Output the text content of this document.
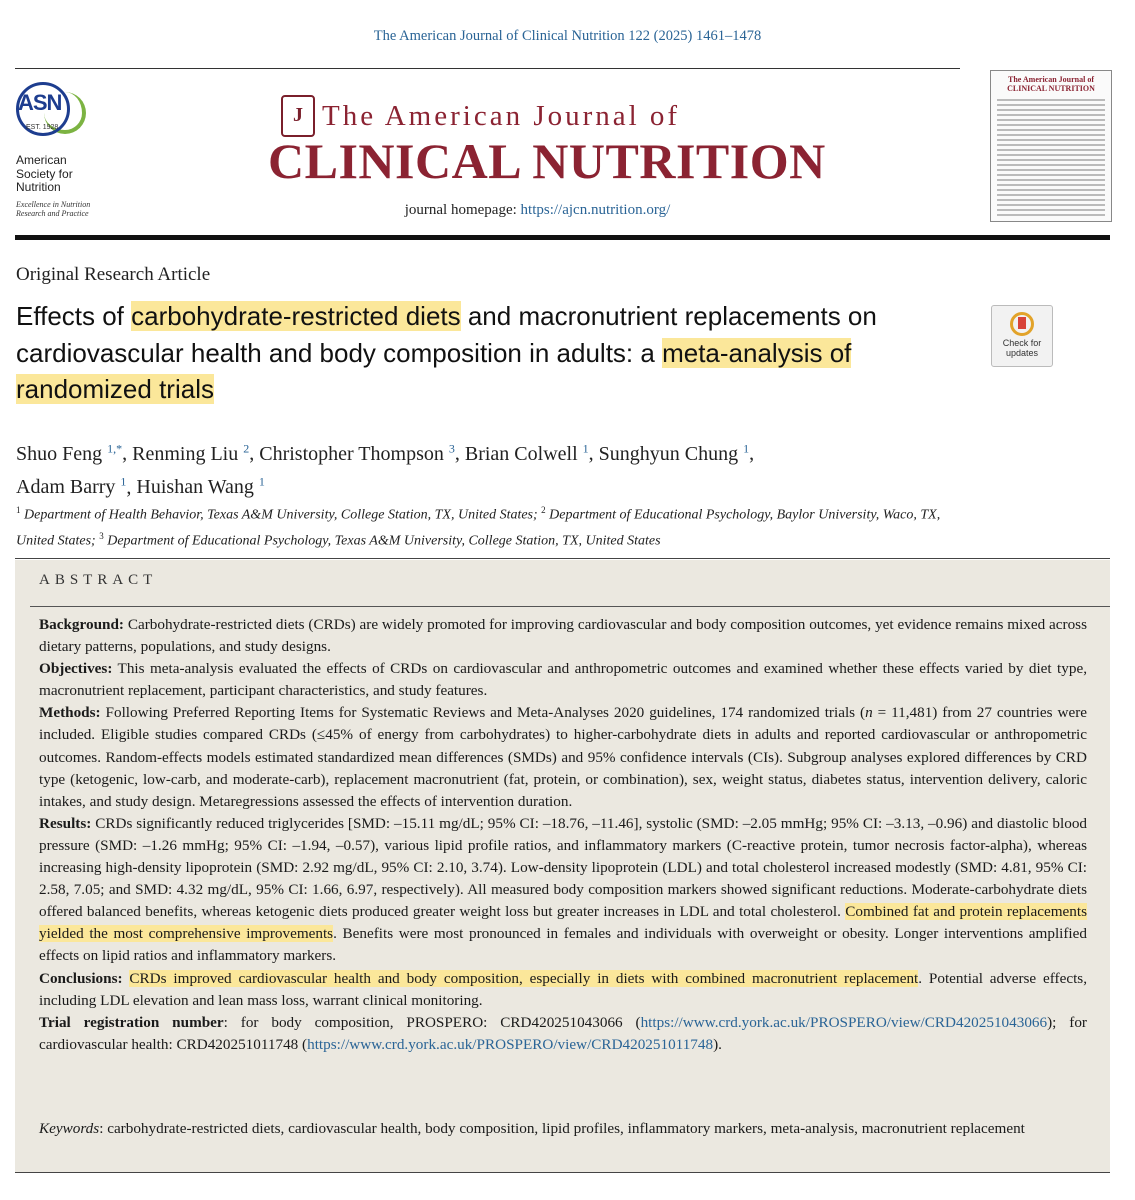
The American Journal of Clinical Nutrition 122 (2025) 1461–1478
ASN
EST. 1928
American Society for Nutrition
Excellence in Nutrition Research and Practice
J The American Journal of
CLINICAL NUTRITION
journal homepage: https://ajcn.nutrition.org/
The American Journal of CLINICAL NUTRITION
Original Research Article
Effects of carbohydrate-restricted diets and macronutrient replacements on cardiovascular health and body composition in adults: a meta-analysis of randomized trials
Check for updates
Shuo Feng $^{1,*}$, Renming Liu $^2$, Christopher Thompson $^3$, Brian Colwell $^1$, Sunghyun Chung $^1$,
Adam Barry $^1$, Huishan Wang $^1$
$^1$ Department of Health Behavior, Texas A&M University, College Station, TX, United States; $^2$ Department of Educational Psychology, Baylor University, Waco, TX, United States; $^3$ Department of Educational Psychology, Texas A&M University, College Station, TX, United States
ABSTRACT

Background: Carbohydrate-restricted diets (CRDs) are widely promoted for improving cardiovascular and body composition outcomes, yet evidence remains mixed across dietary patterns, populations, and study designs.

Objectives: This meta-analysis evaluated the effects of CRDs on cardiovascular and anthropometric outcomes and examined whether these effects varied by diet type, macronutrient replacement, participant characteristics, and study features.

Methods: Following Preferred Reporting Items for Systematic Reviews and Meta-Analyses 2020 guidelines, 174 randomized trials (n = 11,481) from 27 countries were included. Eligible studies compared CRDs (≤45% of energy from carbohydrates) to higher-carbohydrate diets in adults and reported cardiovascular or anthropometric outcomes. Random-effects models estimated standardized mean differences (SMDs) and 95% confidence intervals (CIs). Subgroup analyses explored differences by CRD type (ketogenic, low-carb, and moderate-carb), replacement macronutrient (fat, protein, or combination), sex, weight status, diabetes status, intervention delivery, caloric intakes, and study design. Metaregressions assessed the effects of intervention duration.

Results: CRDs significantly reduced triglycerides [SMD: –15.11 mg/dL; 95% CI: –18.76, –11.46], systolic (SMD: –2.05 mmHg; 95% CI: –3.13, –0.96) and diastolic blood pressure (SMD: –1.26 mmHg; 95% CI: –1.94, –0.57), various lipid profile ratios, and inflammatory markers (C-reactive protein, tumor necrosis factor-alpha), whereas increasing high-density lipoprotein (SMD: 2.92 mg/dL, 95% CI: 2.10, 3.74). Low-density lipoprotein (LDL) and total cholesterol increased modestly (SMD: 4.81, 95% CI: 2.58, 7.05; and SMD: 4.32 mg/dL, 95% CI: 1.66, 6.97, respectively). All measured body composition markers showed significant reductions. Moderate-carbohydrate diets offered balanced benefits, whereas ketogenic diets produced greater weight loss but greater increases in LDL and total cholesterol. Combined fat and protein replacements yielded the most comprehensive improvements. Benefits were most pronounced in females and individuals with overweight or obesity. Longer interventions amplified effects on lipid ratios and inflammatory markers.

Conclusions: CRDs improved cardiovascular health and body composition, especially in diets with combined macronutrient replacement. Potential adverse effects, including LDL elevation and lean mass loss, warrant clinical monitoring.

Trial registration number: for body composition, PROSPERO: CRD420251043066 (https://www.crd.york.ac.uk/PROSPERO/view/CRD420251043066); for cardiovascular health: CRD420251011748 (https://www.crd.york.ac.uk/PROSPERO/view/CRD420251011748).

Keywords: carbohydrate-restricted diets, cardiovascular health, body composition, lipid profiles, inflammatory markers, meta-analysis, macronutrient replacement
